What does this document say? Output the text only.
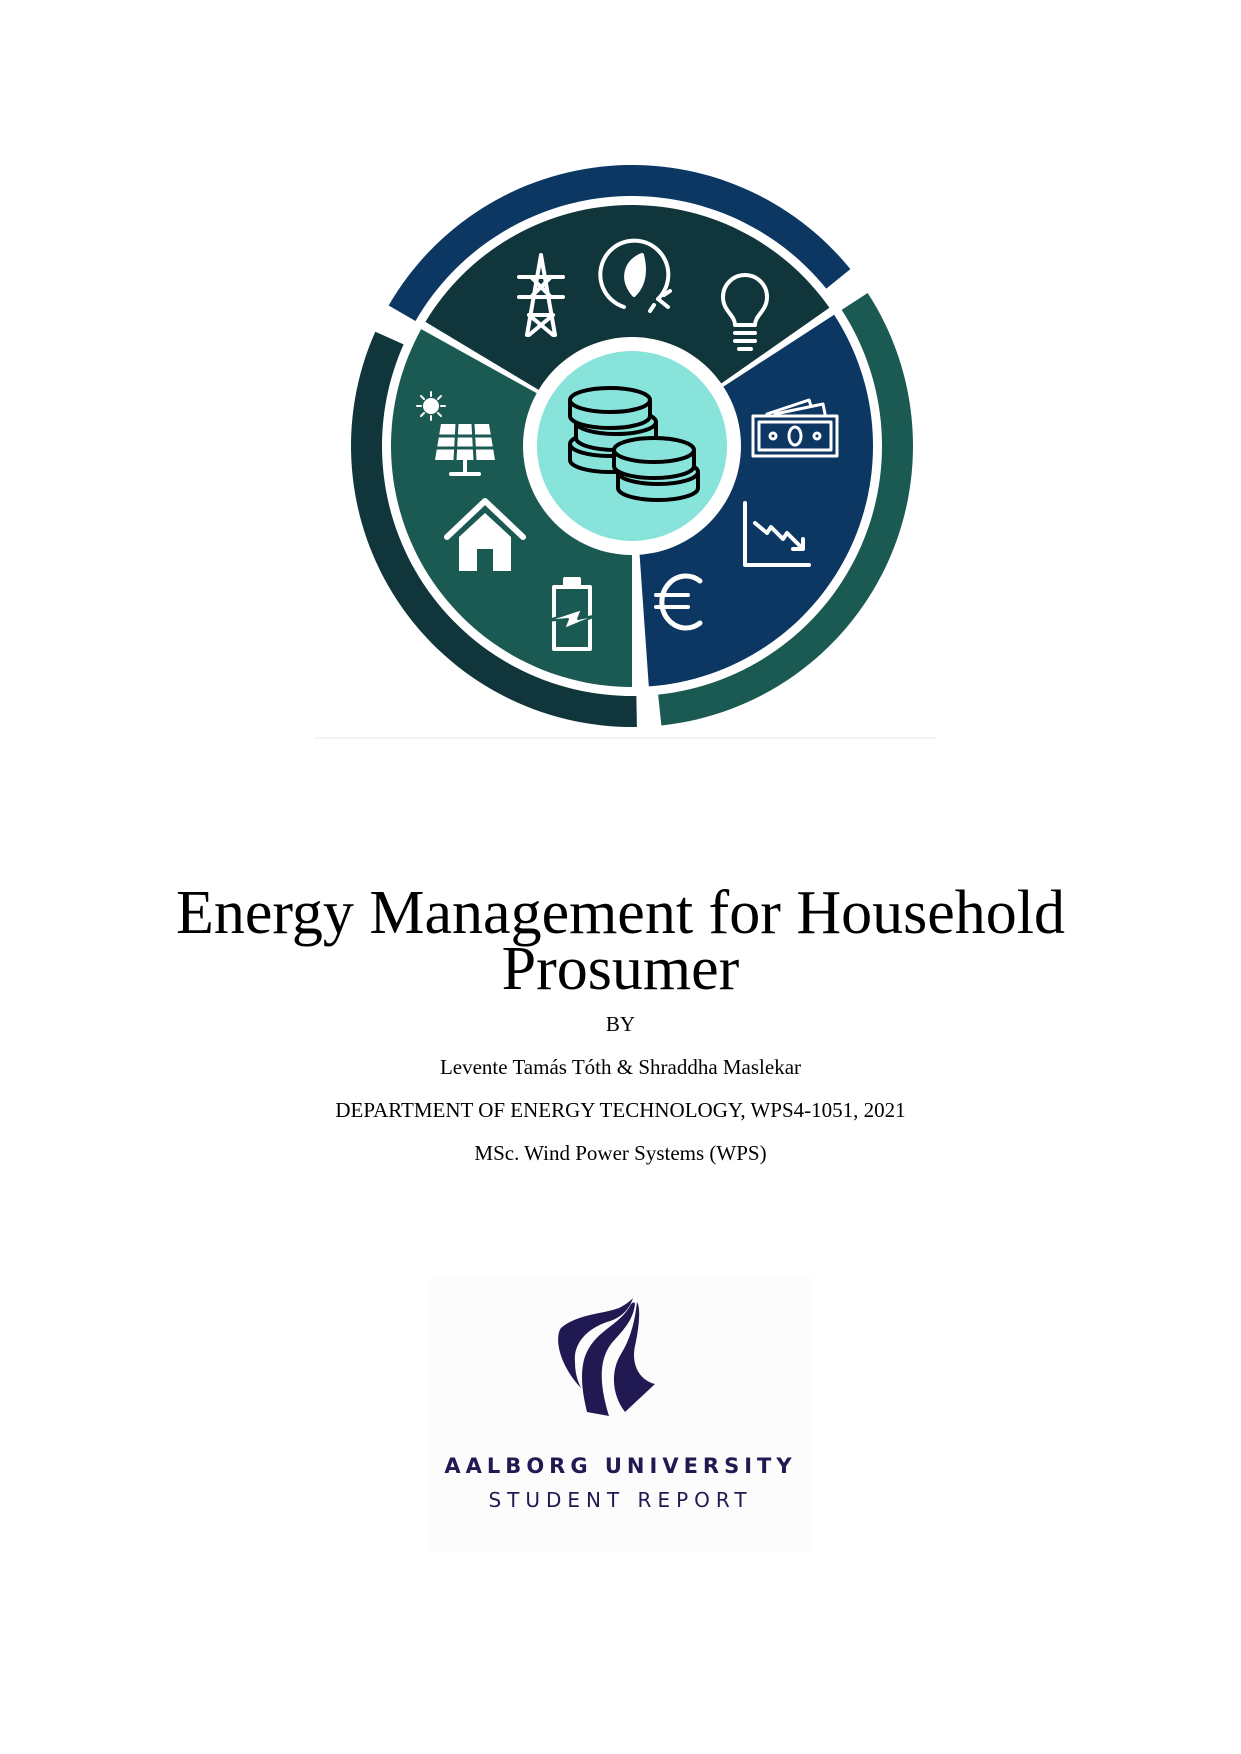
Energy Management for Household
Prosumer
BY
Levente Tamás Tóth & Shraddha Maslekar
DEPARTMENT OF ENERGY TECHNOLOGY, WPS4-1051, 2021
MSc. Wind Power Systems (WPS)
AALBORG UNIVERSITY
STUDENT REPORT
